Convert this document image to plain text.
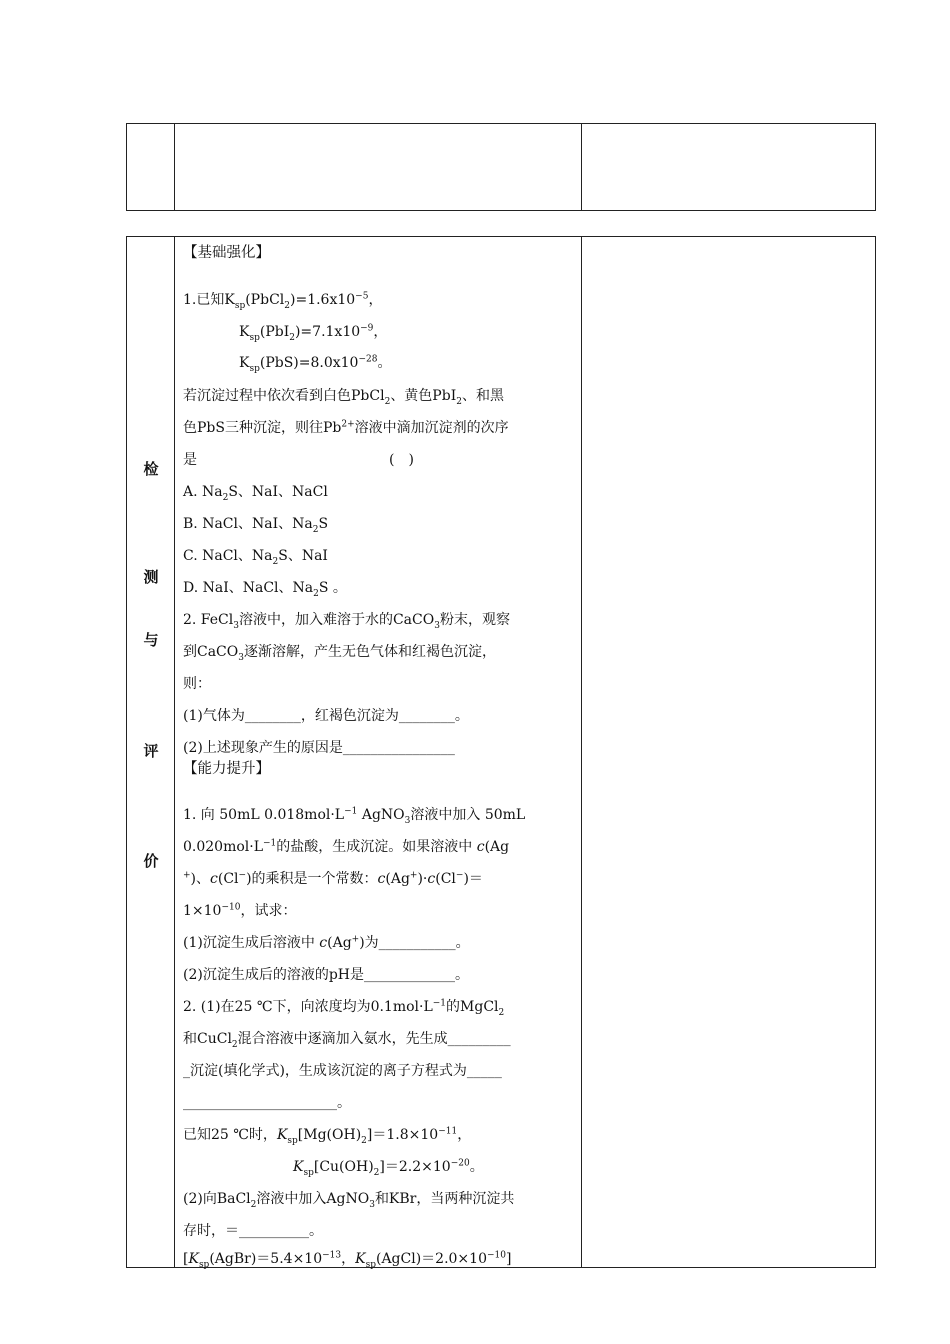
检
测
与
评
价
【基础强化】
1.已知$K_{sp}(PbCl_2)=1.6x10^{-5}$，
$K_{sp}(PbI_2)=7.1x10^{-9}$，
$K_{sp}(PbS)=8.0x10^{-28}$。
若沉淀过程中依次看到白色PbCl$_2$、黄色PbI$_2$、和黑
色PbS三种沉淀，则往$Pb^{2+}$溶液中滴加沉淀剂的次序
是	(　)
A. $Na_2S$、NaI、NaCl
B. NaCl、NaI、$Na_2S$
C. NaCl、$Na_2S$、NaI
D. NaI、NaCl、$Na_2S$ 。
2. FeCl$_3$溶液中，加入难溶于水的CaCO$_3$粉末，观察
到CaCO$_3$逐渐溶解，产生无色气体和红褐色沉淀，
则：
(1)气体为________，红褐色沉淀为________。
(2)上述现象产生的原因是________________
【能力提升】
1. 向 50mL $0.018mol\cdot L^{-1}$ AgNO$_3$溶液中加入 50mL
$0.020mol\cdot L^{-1}$的盐酸，生成沉淀。如果溶液中 c(Ag
+)、c(Cl−)的乘积是一个常数：c(Ag+)·c(Cl−)＝
$1\times 10^{-10}$，试求：
(1)沉淀生成后溶液中 c(Ag+)为___________。
(2)沉淀生成后的溶液的pH是_____________。
2. (1)在25 ℃下，向浓度均为$0.1mol\cdot L^{-1}$的MgCl$_2$
和CuCl$_2$混合溶液中逐滴加入氨水，先生成_________
_沉淀(填化学式)，生成该沉淀的离子方程式为_____
______________________。
已知25 ℃时，$K_{sp}[Mg(OH)_2]=1.8\times 10^{-11}$，
$K_{sp}[Cu(OH)_2]=2.2\times 10^{-20}$。
(2)向BaCl$_2$溶液中加入AgNO$_3$和KBr，当两种沉淀共
存时，＝__________。
[$K_{sp}(AgBr)=5.4\times 10^{-13}$，$K_{sp}(AgCl)=2.0\times 10^{-10}$]
